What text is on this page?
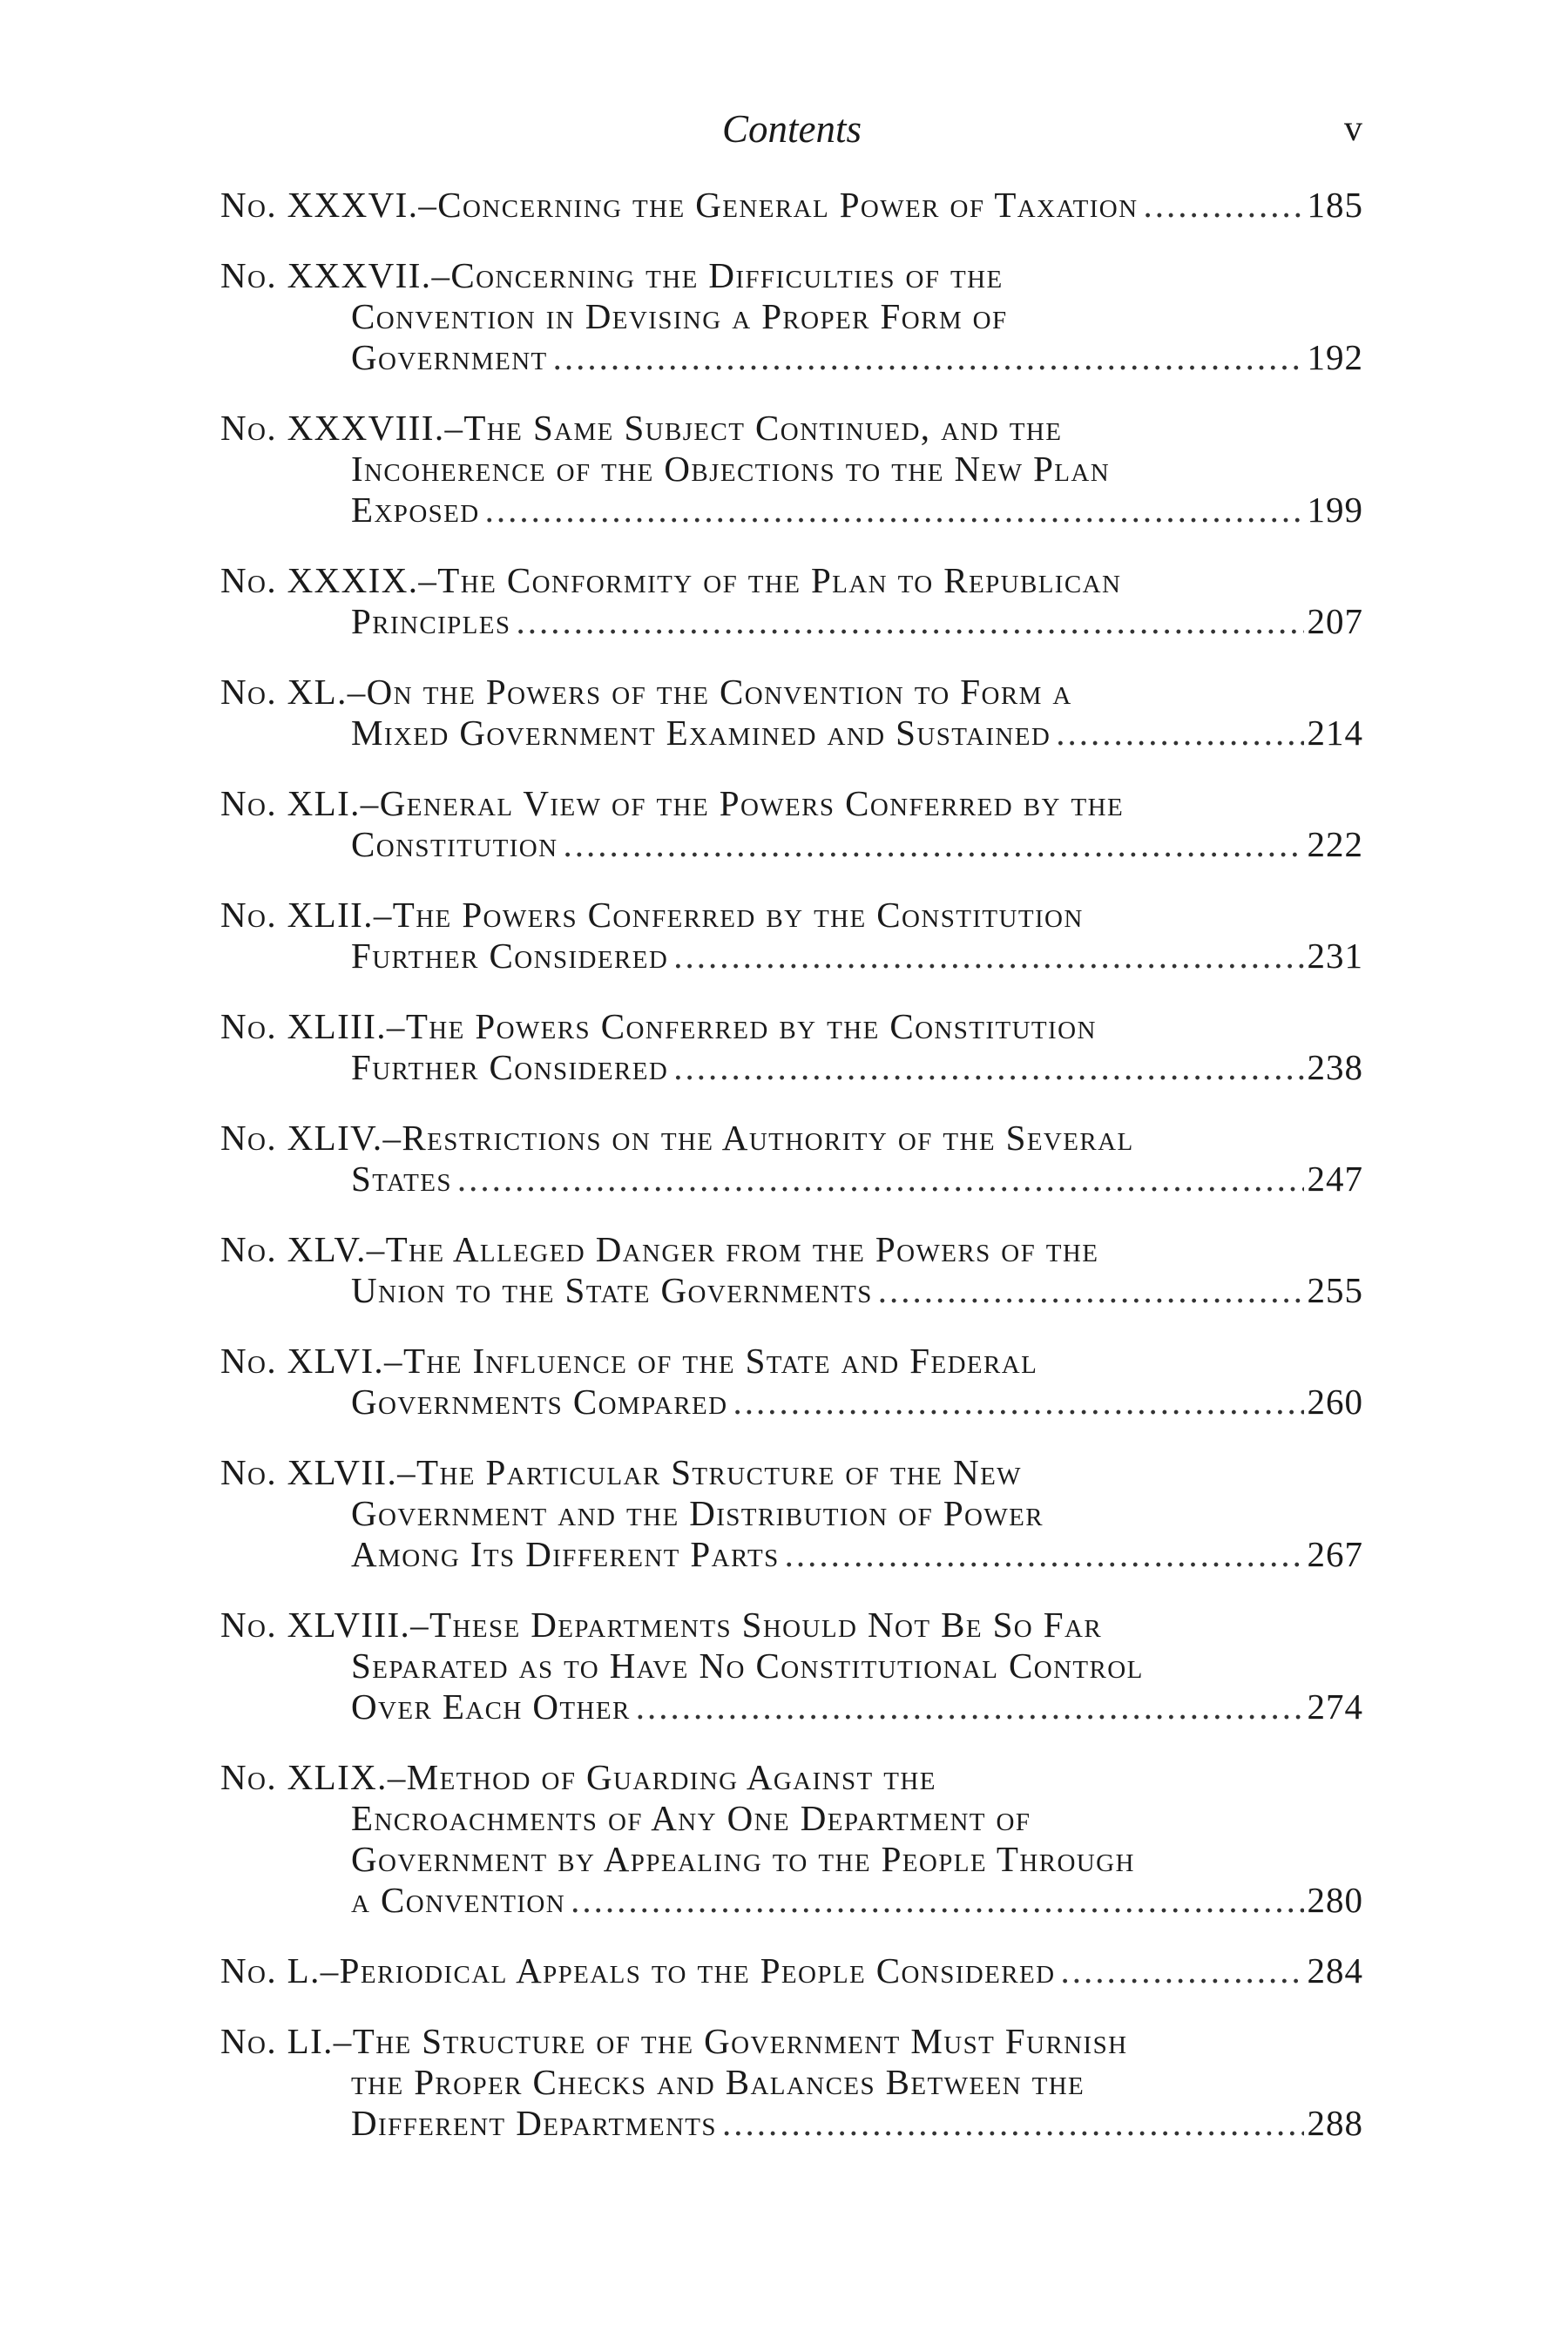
Contents	v
No. XXXVI.–Concerning the General Power of Taxation .....	185
No. XXXVII.–Concerning the Difficulties of the
Convention in Devising a Proper Form of
Government .....	192
No. XXXVIII.–The Same Subject Continued, and the
Incoherence of the Objections to the New Plan
Exposed .....	199
No. XXXIX.–The Conformity of the Plan to Republican
Principles .....	207
No. XL.–On the Powers of the Convention to Form a
Mixed Government Examined and Sustained .....	214
No. XLI.–General View of the Powers Conferred by the
Constitution .....	222
No. XLII.–The Powers Conferred by the Constitution
Further Considered .....	231
No. XLIII.–The Powers Conferred by the Constitution
Further Considered .....	238
No. XLIV.–Restrictions on the Authority of the Several
States .....	247
No. XLV.–The Alleged Danger from the Powers of the
Union to the State Governments .....	255
No. XLVI.–The Influence of the State and Federal
Governments Compared .....	260
No. XLVII.–The Particular Structure of the New
Government and the Distribution of Power
Among Its Different Parts .....	267
No. XLVIII.–These Departments Should Not Be So Far
Separated as to Have No Constitutional Control
Over Each Other .....	274
No. XLIX.–Method of Guarding Against the
Encroachments of Any One Department of
Government by Appealing to the People Through
a Convention .....	280
No. L.–Periodical Appeals to the People Considered .....	284
No. LI.–The Structure of the Government Must Furnish
the Proper Checks and Balances Between the
Different Departments .....	288
